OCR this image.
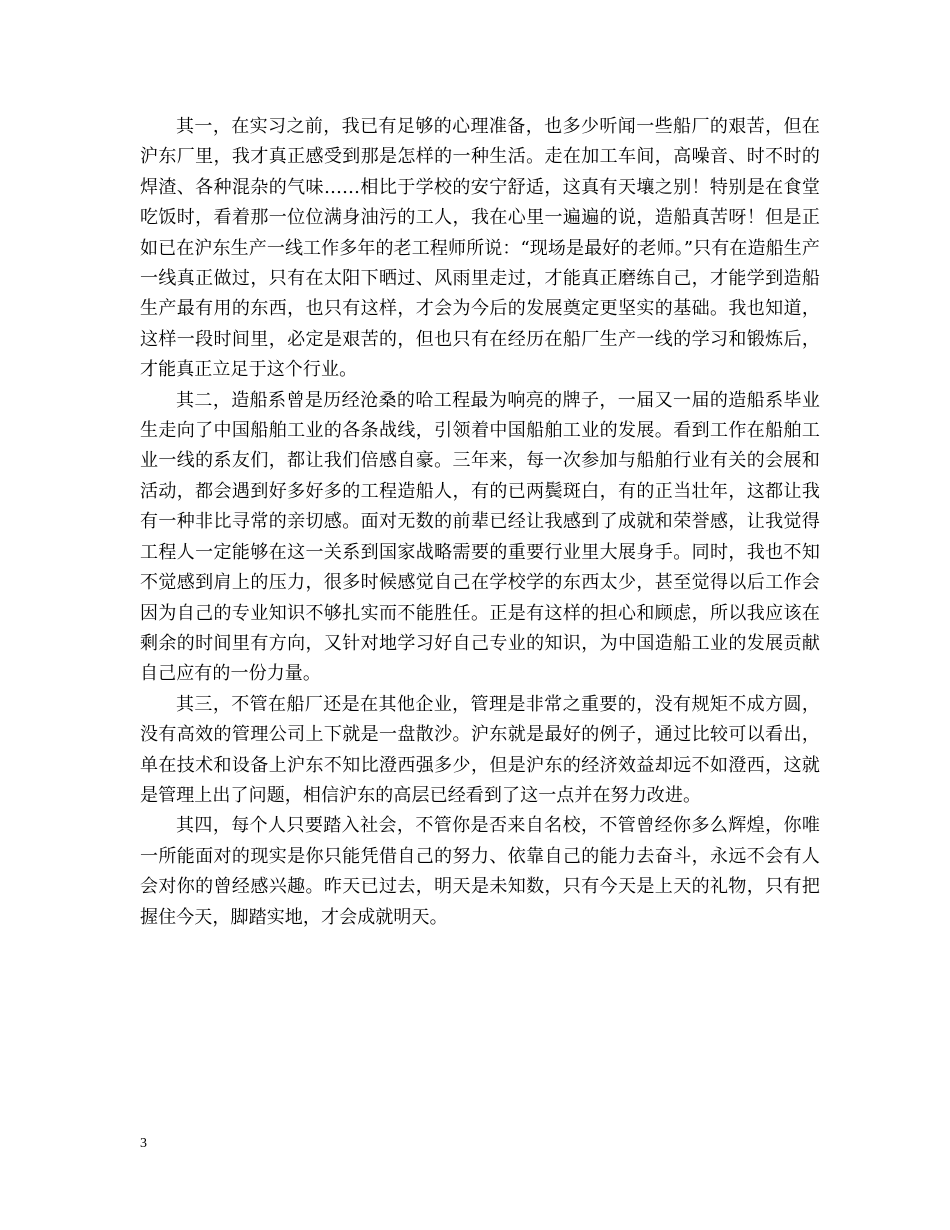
其一，在实习之前，我已有足够的心理准备，也多少听闻一些船厂的艰苦，但在沪东厂里，我才真正感受到那是怎样的一种生活。走在加工车间，高噪音、时不时的焊渣、各种混杂的气味……相比于学校的安宁舒适，这真有天壤之别！特别是在食堂吃饭时，看着那一位位满身油污的工人，我在心里一遍遍的说，造船真苦呀！但是正如已在沪东生产一线工作多年的老工程师所说：“现场是最好的老师。”只有在造船生产一线真正做过，只有在太阳下晒过、风雨里走过，才能真正磨练自己，才能学到造船生产最有用的东西，也只有这样，才会为今后的发展奠定更坚实的基础。我也知道，这样一段时间里，必定是艰苦的，但也只有在经历在船厂生产一线的学习和锻炼后，才能真正立足于这个行业。

其二，造船系曾是历经沧桑的哈工程最为响亮的牌子，一届又一届的造船系毕业生走向了中国船舶工业的各条战线，引领着中国船舶工业的发展。看到工作在船舶工业一线的系友们，都让我们倍感自豪。三年来，每一次参加与船舶行业有关的会展和活动，都会遇到好多好多的工程造船人，有的已两鬓斑白，有的正当壮年，这都让我有一种非比寻常的亲切感。面对无数的前辈已经让我感到了成就和荣誉感，让我觉得工程人一定能够在这一关系到国家战略需要的重要行业里大展身手。同时，我也不知不觉感到肩上的压力，很多时候感觉自己在学校学的东西太少，甚至觉得以后工作会因为自己的专业知识不够扎实而不能胜任。正是有这样的担心和顾虑，所以我应该在剩余的时间里有方向，又针对地学习好自己专业的知识，为中国造船工业的发展贡献自己应有的一份力量。

其三，不管在船厂还是在其他企业，管理是非常之重要的，没有规矩不成方圆，没有高效的管理公司上下就是一盘散沙。沪东就是最好的例子，通过比较可以看出，单在技术和设备上沪东不知比澄西强多少，但是沪东的经济效益却远不如澄西，这就是管理上出了问题，相信沪东的高层已经看到了这一点并在努力改进。

其四，每个人只要踏入社会，不管你是否来自名校，不管曾经你多么辉煌，你唯一所能面对的现实是你只能凭借自己的努力、依靠自己的能力去奋斗，永远不会有人会对你的曾经感兴趣。昨天已过去，明天是未知数，只有今天是上天的礼物，只有把握住今天，脚踏实地，才会成就明天。

3
